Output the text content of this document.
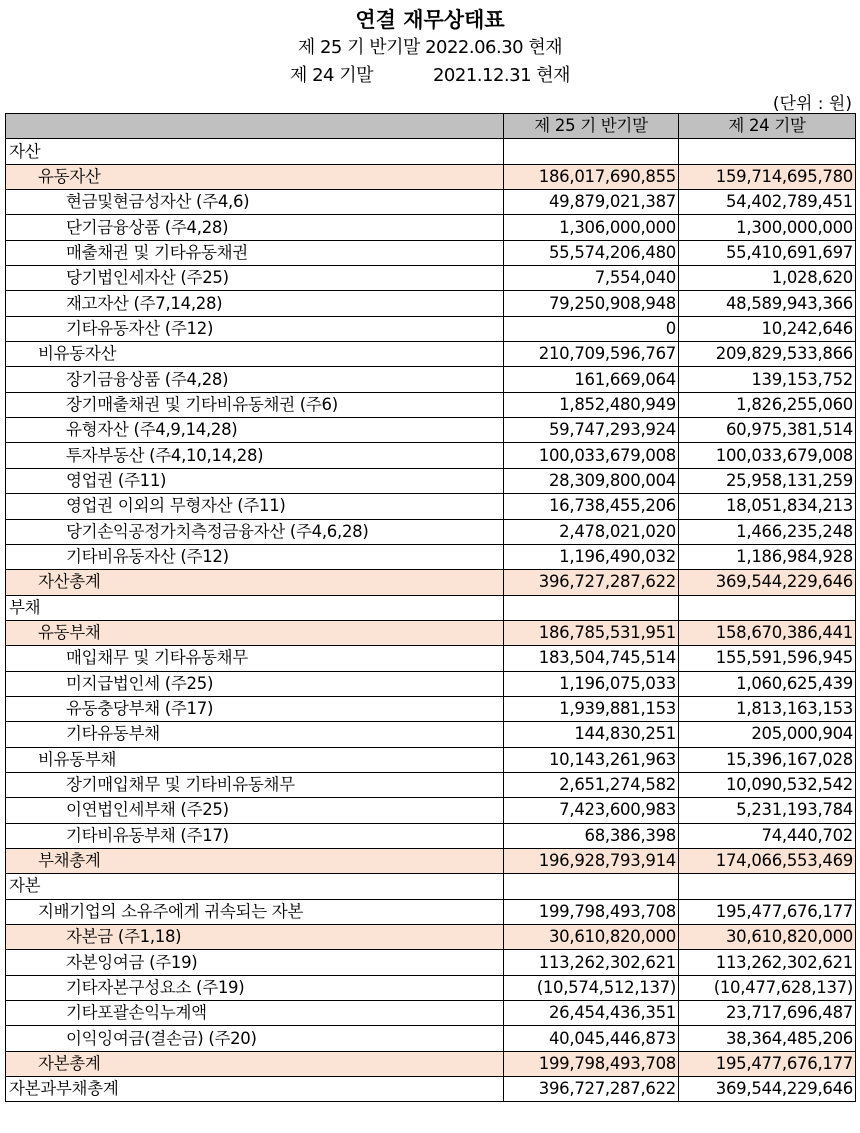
연결 재무상태표
제 25 기 반기말 2022.06.30 현재
제 24 기말	2021.12.31 현재
(단위 : 원)
	제 25 기 반기말	제 24 기말
자산		
유동자산	186,017,690,855	159,714,695,780
현금및현금성자산 (주4,6)	49,879,021,387	54,402,789,451
단기금융상품 (주4,28)	1,306,000,000	1,300,000,000
매출채권 및 기타유동채권	55,574,206,480	55,410,691,697
당기법인세자산 (주25)	7,554,040	1,028,620
재고자산 (주7,14,28)	79,250,908,948	48,589,943,366
기타유동자산 (주12)	0	10,242,646
비유동자산	210,709,596,767	209,829,533,866
장기금융상품 (주4,28)	161,669,064	139,153,752
장기매출채권 및 기타비유동채권 (주6)	1,852,480,949	1,826,255,060
유형자산 (주4,9,14,28)	59,747,293,924	60,975,381,514
투자부동산 (주4,10,14,28)	100,033,679,008	100,033,679,008
영업권 (주11)	28,309,800,004	25,958,131,259
영업권 이외의 무형자산 (주11)	16,738,455,206	18,051,834,213
당기손익공정가치측정금융자산 (주4,6,28)	2,478,021,020	1,466,235,248
기타비유동자산 (주12)	1,196,490,032	1,186,984,928
자산총계	396,727,287,622	369,544,229,646
부채		
유동부채	186,785,531,951	158,670,386,441
매입채무 및 기타유동채무	183,504,745,514	155,591,596,945
미지급법인세 (주25)	1,196,075,033	1,060,625,439
유동충당부채 (주17)	1,939,881,153	1,813,163,153
기타유동부채	144,830,251	205,000,904
비유동부채	10,143,261,963	15,396,167,028
장기매입채무 및 기타비유동채무	2,651,274,582	10,090,532,542
이연법인세부채 (주25)	7,423,600,983	5,231,193,784
기타비유동부채 (주17)	68,386,398	74,440,702
부채총계	196,928,793,914	174,066,553,469
자본		
지배기업의 소유주에게 귀속되는 자본	199,798,493,708	195,477,676,177
자본금 (주1,18)	30,610,820,000	30,610,820,000
자본잉여금 (주19)	113,262,302,621	113,262,302,621
기타자본구성요소 (주19)	(10,574,512,137)	(10,477,628,137)
기타포괄손익누계액	26,454,436,351	23,717,696,487
이익잉여금(결손금) (주20)	40,045,446,873	38,364,485,206
자본총계	199,798,493,708	195,477,676,177
자본과부채총계	396,727,287,622	369,544,229,646
